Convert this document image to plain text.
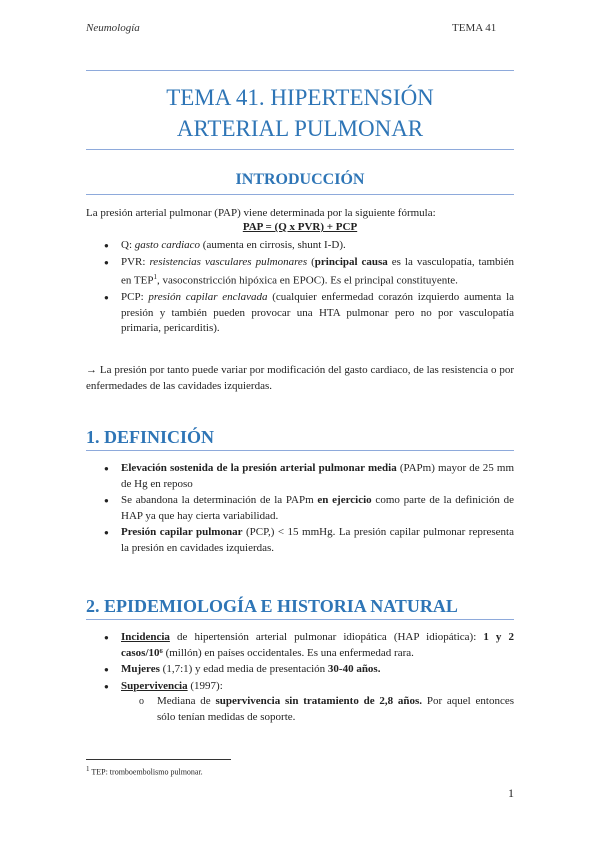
Neumología	TEMA 41
TEMA 41. HIPERTENSIÓN
ARTERIAL PULMONAR
INTRODUCCIÓN
La presión arterial pulmonar (PAP) viene determinada por la siguiente fórmula:
PAP = (Q x PVR) + PCP
● Q: gasto cardiaco (aumenta en cirrosis, shunt I-D).
● PVR: resistencias vasculares pulmonares (principal causa es la vasculopatía, también en TEP$^1$, vasoconstricción hipóxica en EPOC). Es el principal constituyente.
● PCP: presión capilar enclavada (cualquier enfermedad corazón izquierdo aumenta la presión y también pueden provocar una HTA pulmonar pero no por vasculopatía primaria, pericarditis).
→ La presión por tanto puede variar por modificación del gasto cardiaco, de las resistencia o por enfermedades de las cavidades izquierdas.
1. DEFINICIÓN
● Elevación sostenida de la presión arterial pulmonar media (PAPm) mayor de 25 mm de Hg en reposo
● Se abandona la determinación de la PAPm en ejercicio como parte de la definición de HAP ya que hay cierta variabilidad.
● Presión capilar pulmonar (PCP,) < 15 mmHg. La presión capilar pulmonar representa la presión en cavidades izquierdas.
2. EPIDEMIOLOGÍA E HISTORIA NATURAL
● Incidencia de hipertensión arterial pulmonar idiopática (HAP idiopática): 1 y 2 casos/10⁶ (millón) en países occidentales. Es una enfermedad rara.
● Mujeres (1,7:1) y edad media de presentación 30-40 años.
● Supervivencia (1997):
o Mediana de supervivencia sin tratamiento de 2,8 años. Por aquel entonces sólo tenían medidas de soporte.
$^1$ TEP: tromboembolismo pulmonar.
1
